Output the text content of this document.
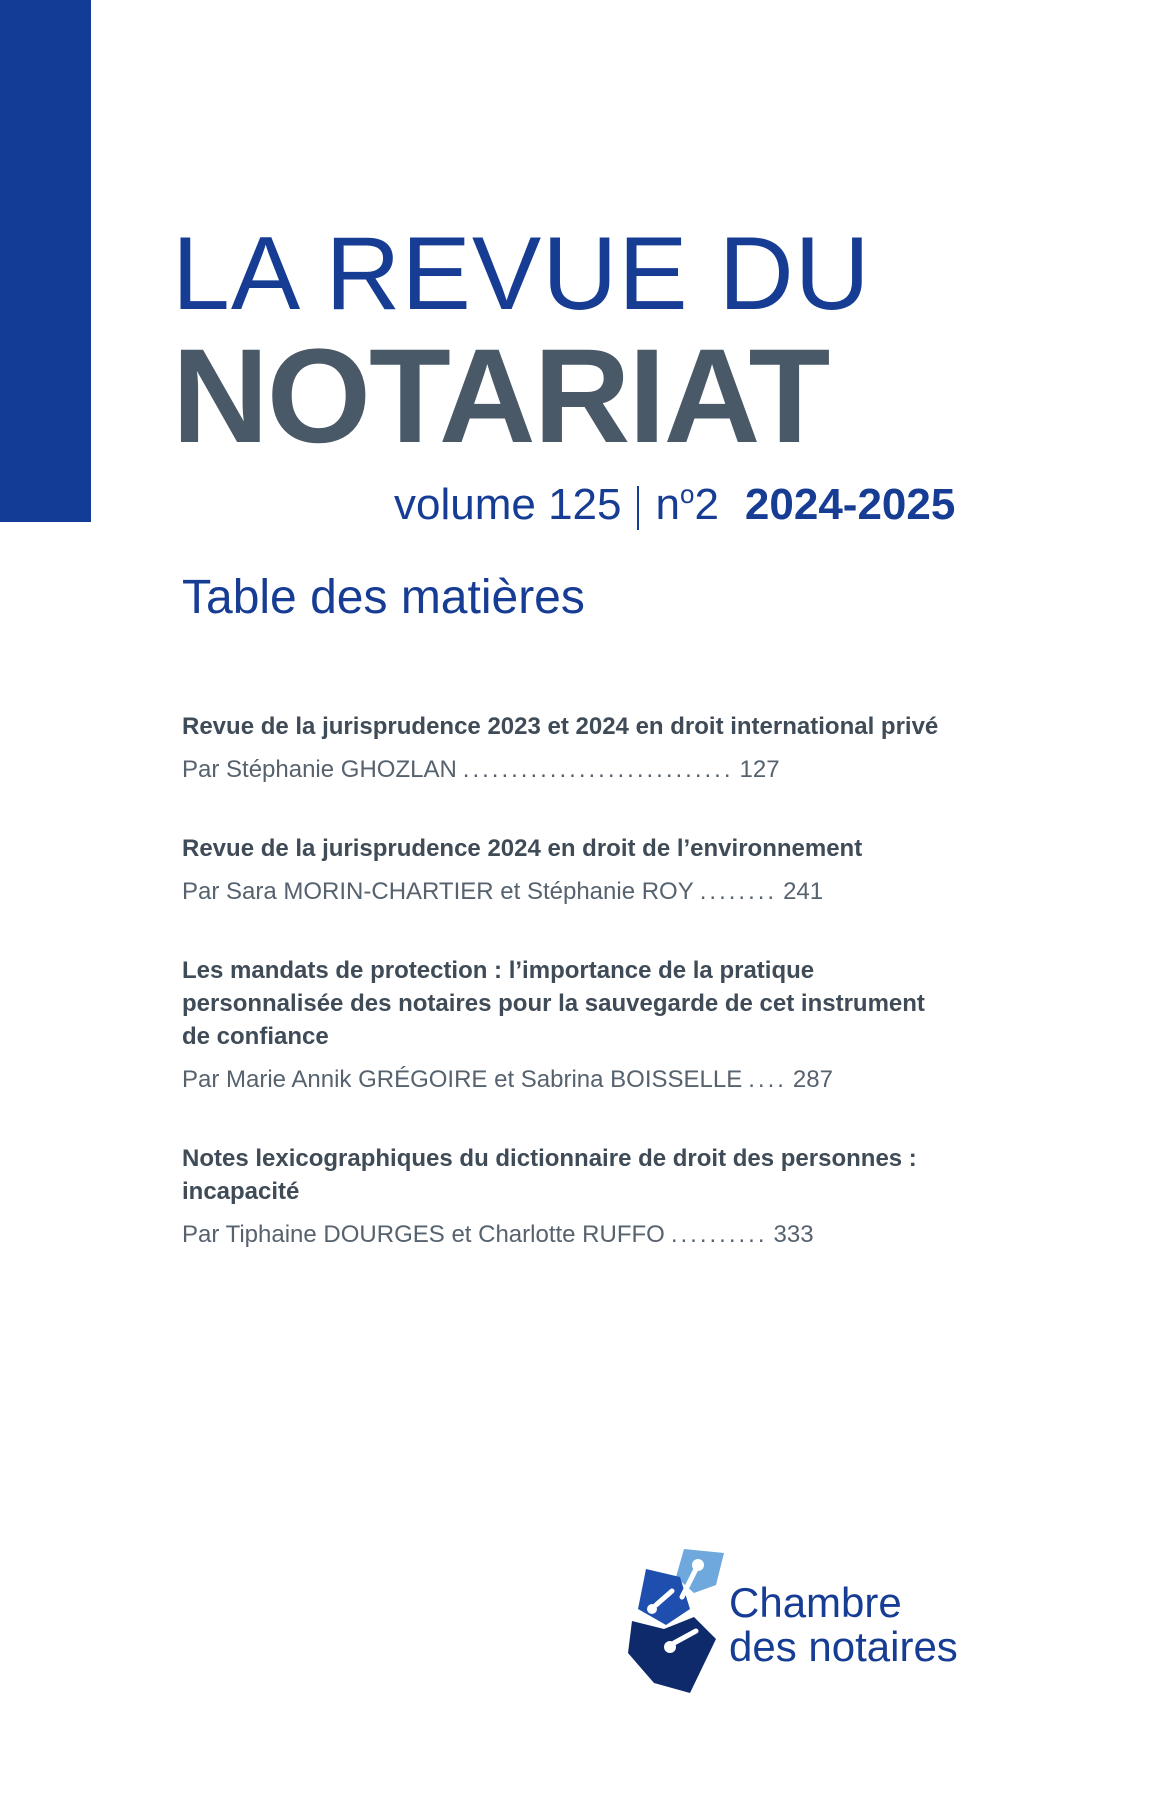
LA REVUE DU
NOTARIAT
volume 125 n o 2 2024-2025
Table des matières
Revue de la jurisprudence 2023 et 2024 en droit international privé
Par Stéphanie GHOZLAN ............................ 127
Revue de la jurisprudence 2024 en droit de l’environnement
Par Sara MORIN-CHARTIER et Stéphanie ROY ........ 241
Les mandats de protection : l’importance de la pratique personnalisée des notaires pour la sauvegarde de cet instrument de confiance
Par Marie Annik GRÉGOIRE et Sabrina BOISSELLE .... 287
Notes lexicographiques du dictionnaire de droit des personnes : incapacité
Par Tiphaine DOURGES et Charlotte RUFFO .......... 333
Chambre
des notaires
